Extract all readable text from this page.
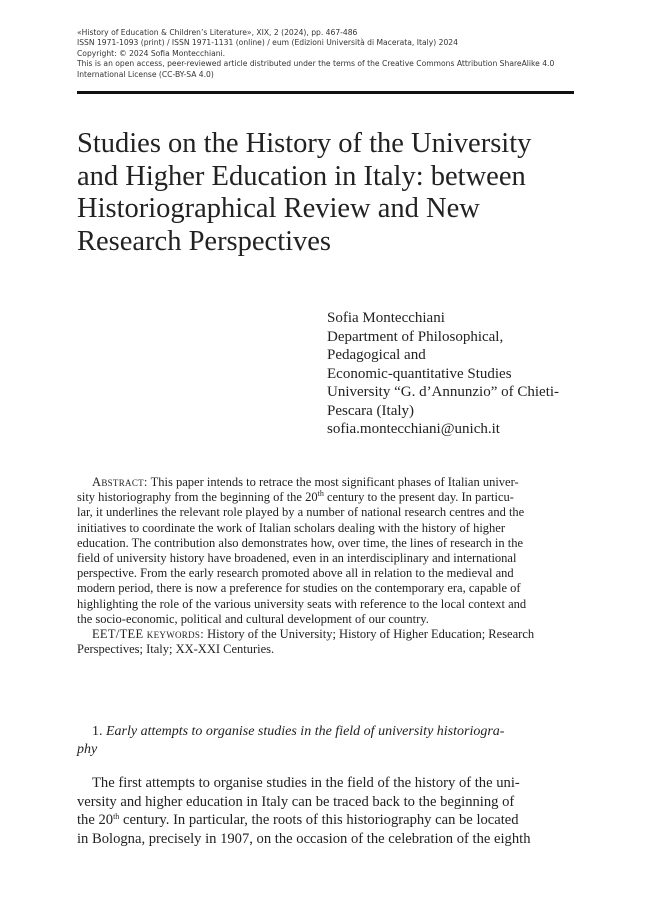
«History of Education & Children’s Literature», XIX, 2 (2024), pp. 467-486
ISSN 1971-1093 (print) / ISSN 1971-1131 (online) / eum (Edizioni Università di Macerata, Italy) 2024
Copyright: © 2024 Sofia Montecchiani.
This is an open access, peer-reviewed article distributed under the terms of the Creative Commons Attribution ShareAlike 4.0
International License (CC-BY-SA 4.0)
Studies on the History of the University
and Higher Education in Italy: between
Historiographical Review and New
Research Perspectives
Sofia Montecchiani
Department of Philosophical,
Pedagogical and
Economic-quantitative Studies
University “G. d’Annunzio” of Chieti-
Pescara (Italy)
sofia.montecchiani@unich.it
Abstract: This paper intends to retrace the most significant phases of Italian univer-
sity historiography from the beginning of the 20th century to the present day. In particu-
lar, it underlines the relevant role played by a number of national research centres and the
initiatives to coordinate the work of Italian scholars dealing with the history of higher
education. The contribution also demonstrates how, over time, the lines of research in the
field of university history have broadened, even in an interdisciplinary and international
perspective. From the early research promoted above all in relation to the medieval and
modern period, there is now a preference for studies on the contemporary era, capable of
highlighting the role of the various university seats with reference to the local context and
the socio-economic, political and cultural development of our country.
EET/TEE keywords: History of the University; History of Higher Education; Research
Perspectives; Italy; XX-XXI Centuries.
1. Early attempts to organise studies in the field of university historiogra-
phy
The first attempts to organise studies in the field of the history of the uni-
versity and higher education in Italy can be traced back to the beginning of
the 20th century. In particular, the roots of this historiography can be located
in Bologna, precisely in 1907, on the occasion of the celebration of the eighth
